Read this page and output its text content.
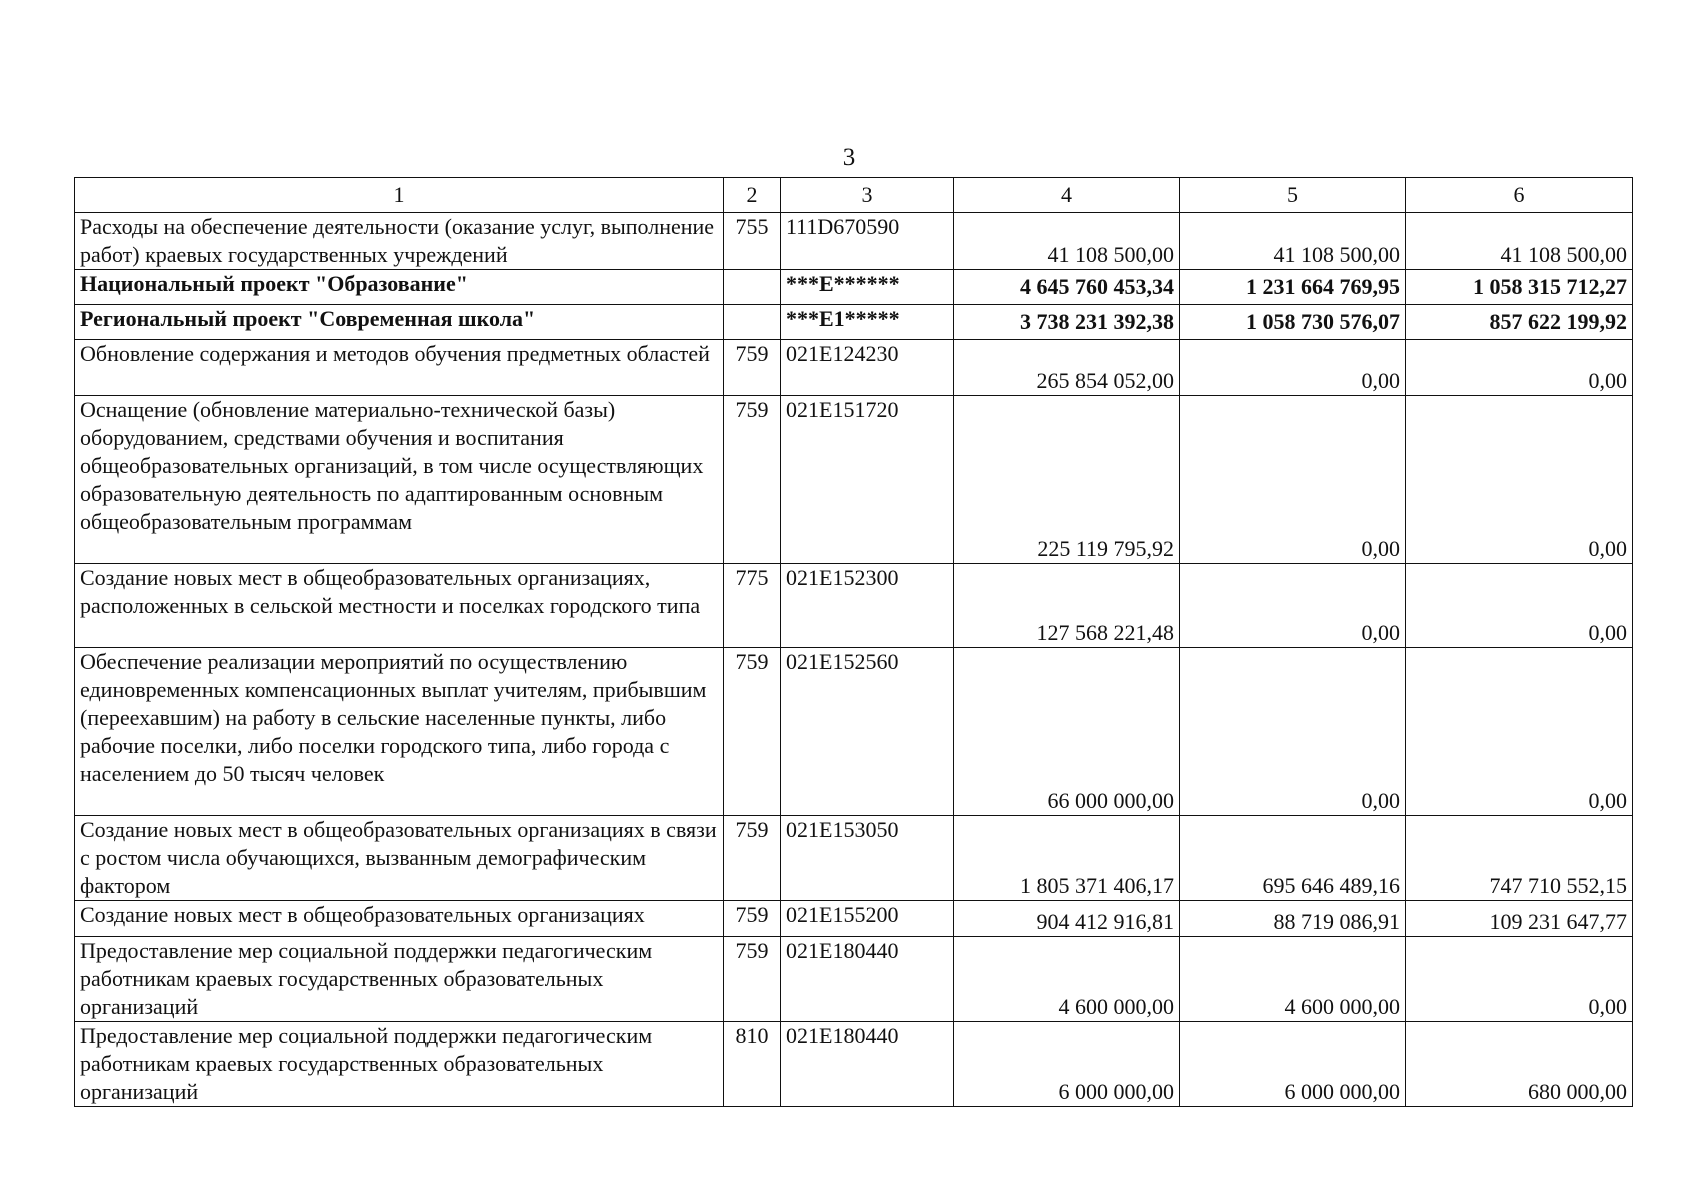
3
1	2	3	4	5	6
Расходы на обеспечение деятельности (оказание услуг, выполнение работ) краевых государственных учреждений	755	111D670590	41 108 500,00	41 108 500,00	41 108 500,00
Национальный проект "Образование"		***E******	4 645 760 453,34	1 231 664 769,95	1 058 315 712,27
Региональный проект "Современная школа"		***E1*****	3 738 231 392,38	1 058 730 576,07	857 622 199,92
Обновление содержания и методов обучения предметных областей	759	021E124230	265 854 052,00	0,00	0,00
Оснащение (обновление материально-технической базы) оборудованием, средствами обучения и воспитания общеобразовательных организаций, в том числе осуществляющих образовательную деятельность по адаптированным основным общеобразовательным программам	759	021E151720	225 119 795,92	0,00	0,00
Создание новых мест в общеобразовательных организациях, расположенных в сельской местности и поселках городского типа	775	021E152300	127 568 221,48	0,00	0,00
Обеспечение реализации мероприятий по осуществлению единовременных компенсационных выплат учителям, прибывшим (переехавшим) на работу в сельские населенные пункты, либо рабочие поселки, либо поселки городского типа, либо города с населением до 50 тысяч человек	759	021E152560	66 000 000,00	0,00	0,00
Создание новых мест в общеобразовательных организациях в связи с ростом числа обучающихся, вызванным демографическим фактором	759	021E153050	1 805 371 406,17	695 646 489,16	747 710 552,15
Создание новых мест в общеобразовательных организациях	759	021E155200	904 412 916,81	88 719 086,91	109 231 647,77
Предоставление мер социальной поддержки педагогическим работникам краевых государственных образовательных организаций	759	021E180440	4 600 000,00	4 600 000,00	0,00
Предоставление мер социальной поддержки педагогическим работникам краевых государственных образовательных организаций	810	021E180440	6 000 000,00	6 000 000,00	680 000,00
